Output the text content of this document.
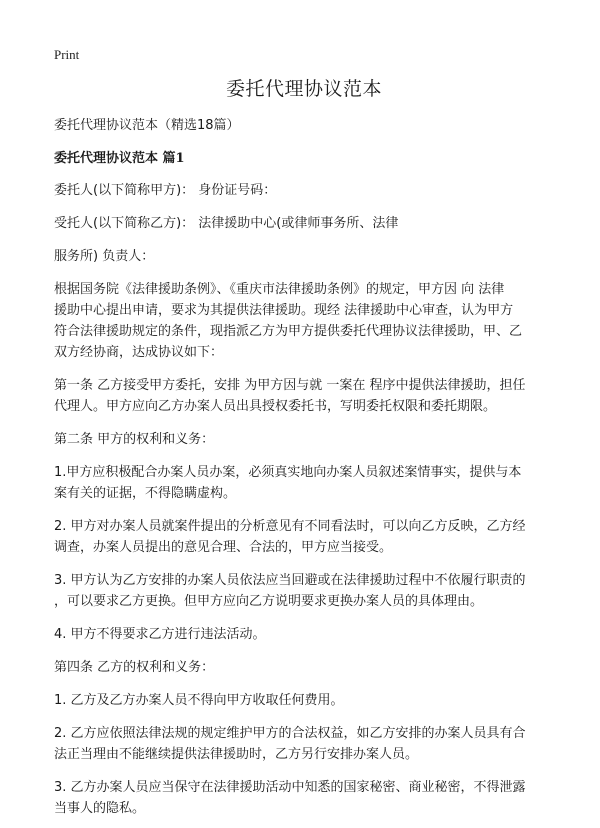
Print
委托代理协议范本
委托代理协议范本（精选18篇）
委托代理协议范本 篇1
委托人(以下简称甲方)： 身份证号码：
受托人(以下简称乙方)： 法律援助中心(或律师事务所、法律
服务所) 负责人：
根据国务院《法律援助条例》、《重庆市法律援助条例》的规定，甲方因 向 法律
援助中心提出申请，要求为其提供法律援助。现经 法律援助中心审查，认为甲方
符合法律援助规定的条件，现指派乙方为甲方提供委托代理协议法律援助，甲、乙
双方经协商，达成协议如下：
第一条 乙方接受甲方委托，安排 为甲方因与就 一案在 程序中提供法律援助，担任
代理人。甲方应向乙方办案人员出具授权委托书，写明委托权限和委托期限。
第二条 甲方的权利和义务：
1.甲方应积极配合办案人员办案，必须真实地向办案人员叙述案情事实，提供与本
案有关的证据，不得隐瞒虚构。
2. 甲方对办案人员就案件提出的分析意见有不同看法时，可以向乙方反映，乙方经
调查，办案人员提出的意见合理、合法的，甲方应当接受。
3. 甲方认为乙方安排的办案人员依法应当回避或在法律援助过程中不依履行职责的
，可以要求乙方更换。但甲方应向乙方说明要求更换办案人员的具体理由。
4. 甲方不得要求乙方进行违法活动。
第四条 乙方的权利和义务：
1. 乙方及乙方办案人员不得向甲方收取任何费用。
2. 乙方应依照法律法规的规定维护甲方的合法权益，如乙方安排的办案人员具有合
法正当理由不能继续提供法律援助时，乙方另行安排办案人员。
3. 乙方办案人员应当保守在法律援助活动中知悉的国家秘密、商业秘密，不得泄露
当事人的隐私。
